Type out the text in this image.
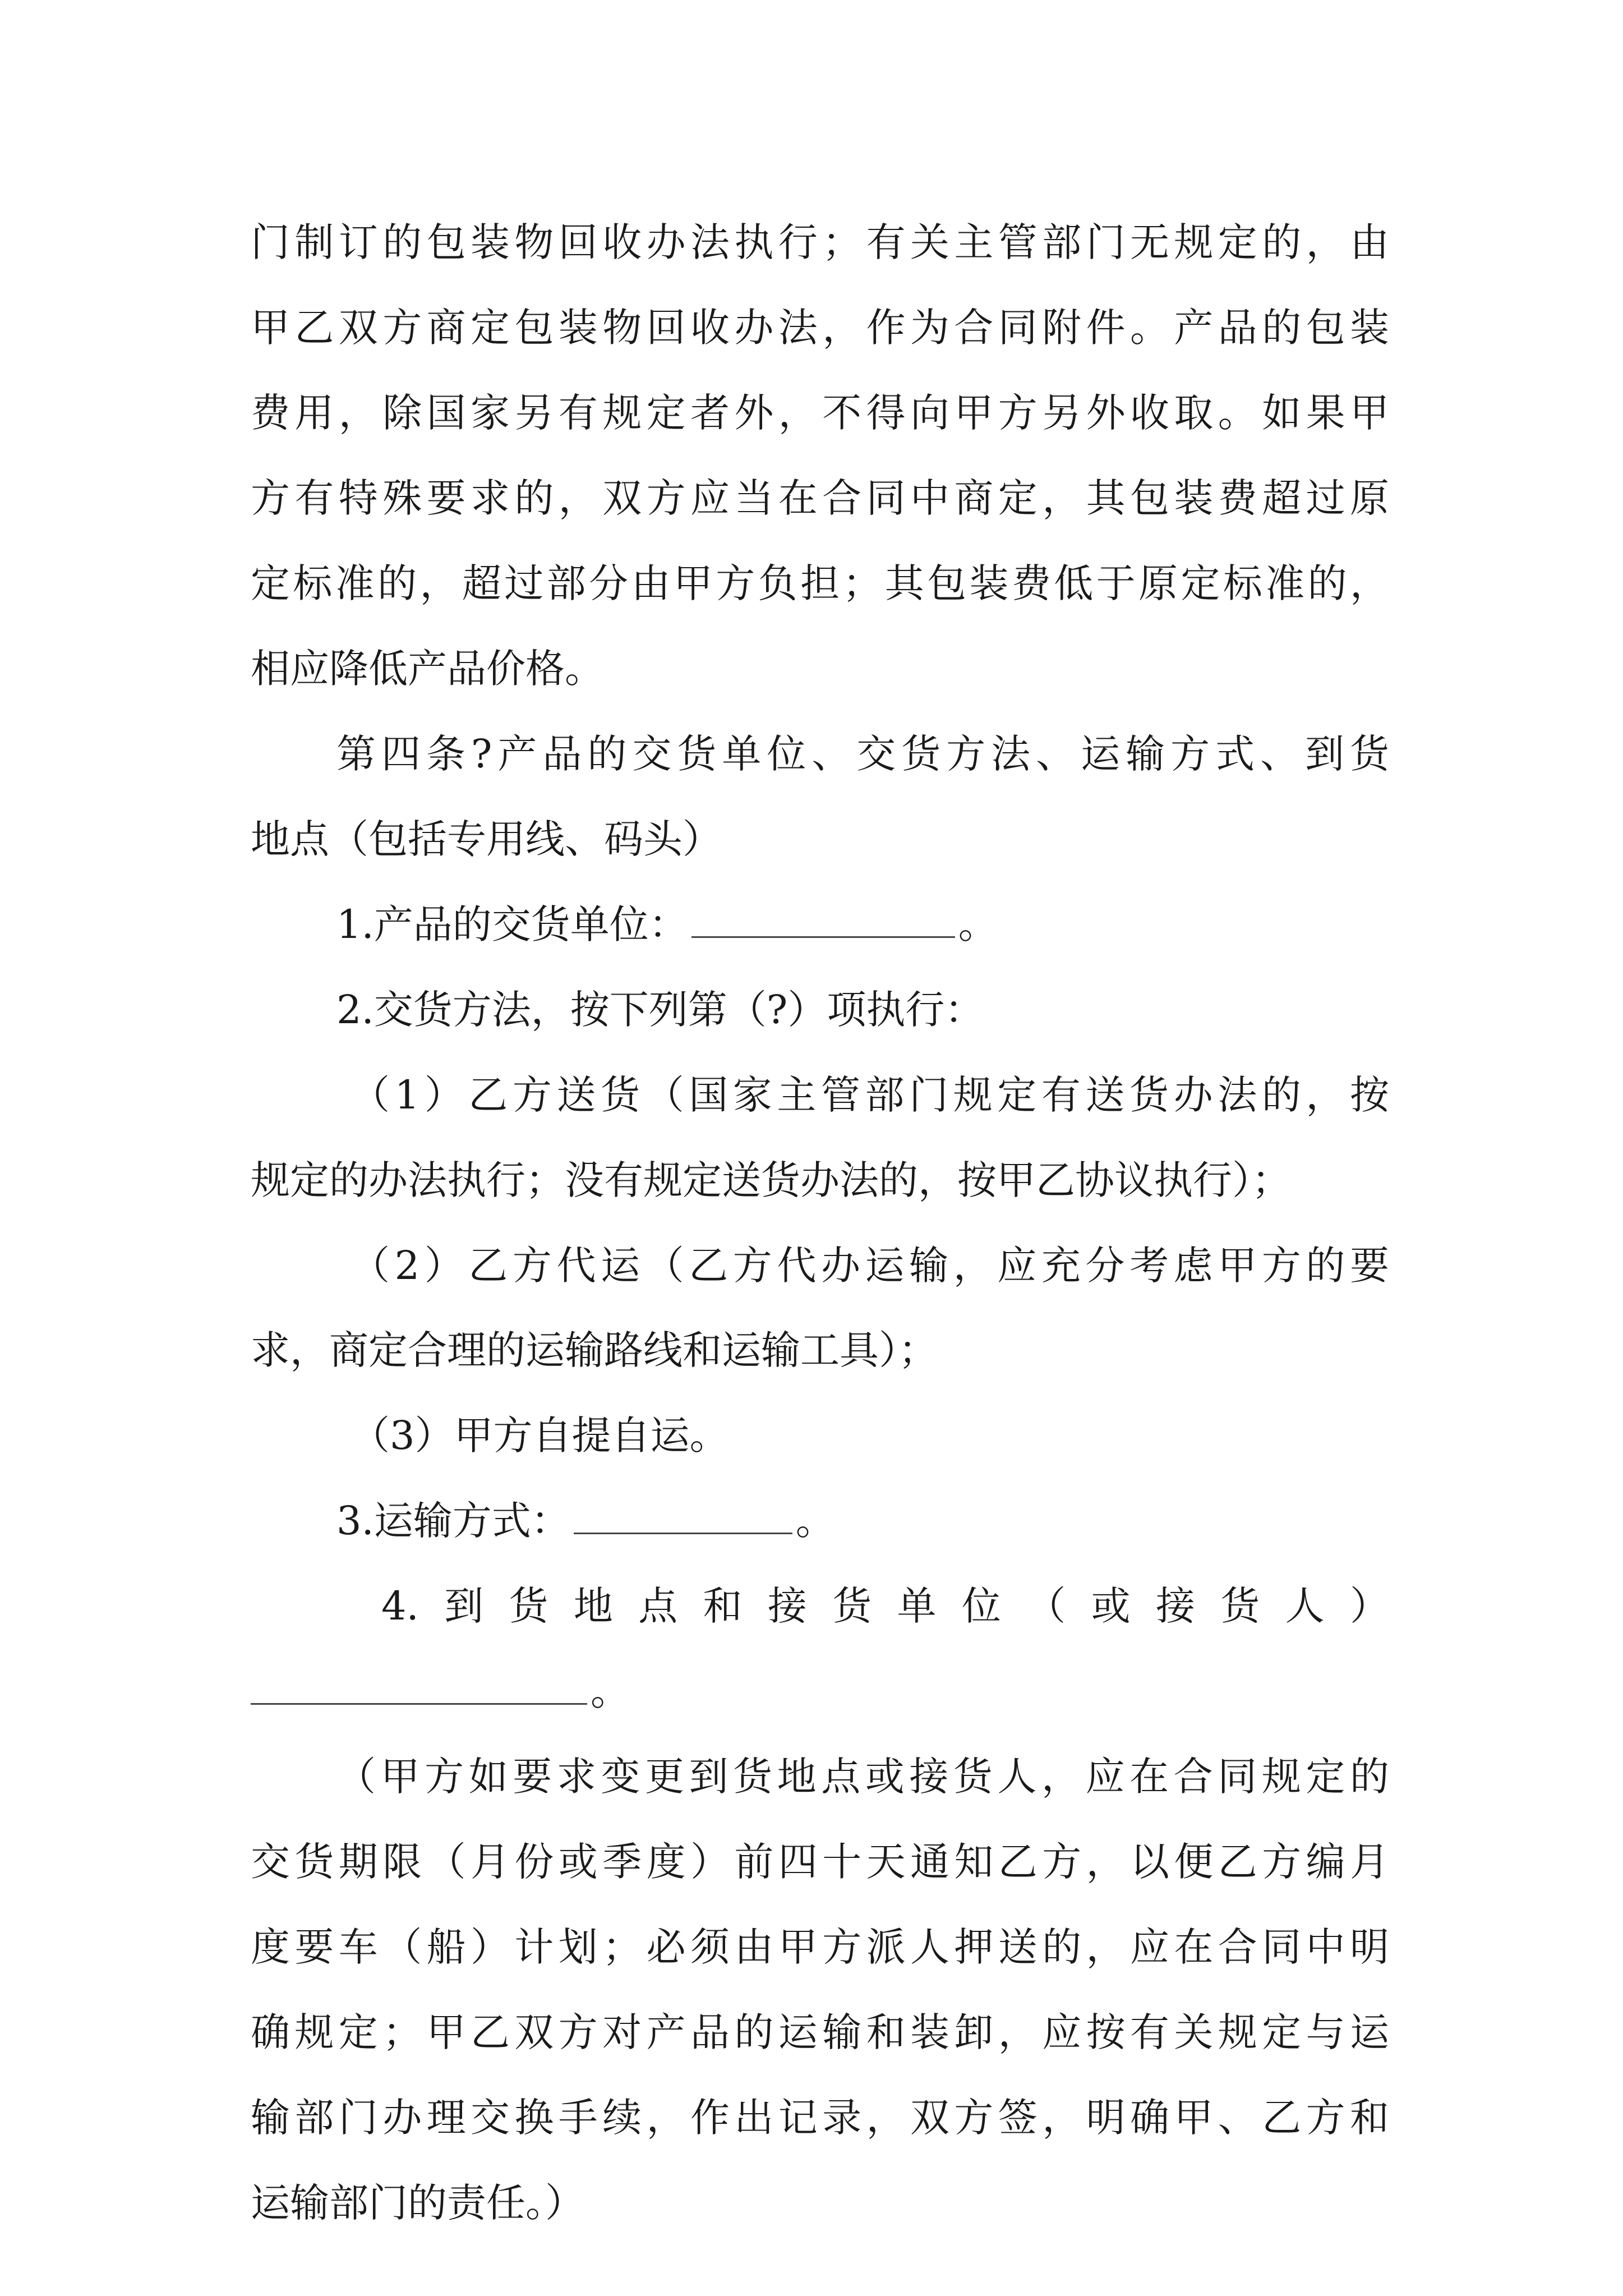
门制订的包装物回收办法执行；有关主管部门无规定的，由
甲乙双方商定包装物回收办法，作为合同附件。产品的包装
费用，除国家另有规定者外，不得向甲方另外收取。如果甲
方有特殊要求的，双方应当在合同中商定，其包装费超过原
定标准的，超过部分由甲方负担；其包装费低于原定标准的，
相应降低产品价格。
第四条?产品的交货单位、交货方法、运输方式、到货
地点（包括专用线、码头）
1.产品的交货单位：	。
2.交货方法，按下列第（?）项执行：
（1）乙方送货（国家主管部门规定有送货办法的，按
规定的办法执行；没有规定送货办法的，按甲乙协议执行）；
（2）乙方代运（乙方代办运输，应充分考虑甲方的要
求，商定合理的运输路线和运输工具）；
（3）甲方自提自运。
3.运输方式：	。
4.到货地点和接货单位（或接货人）
。
（甲方如要求变更到货地点或接货人，应在合同规定的
交货期限（月份或季度）前四十天通知乙方，以便乙方编月
度要车（船）计划；必须由甲方派人押送的，应在合同中明
确规定；甲乙双方对产品的运输和装卸，应按有关规定与运
输部门办理交换手续，作出记录，双方签，明确甲、乙方和
运输部门的责任。）
